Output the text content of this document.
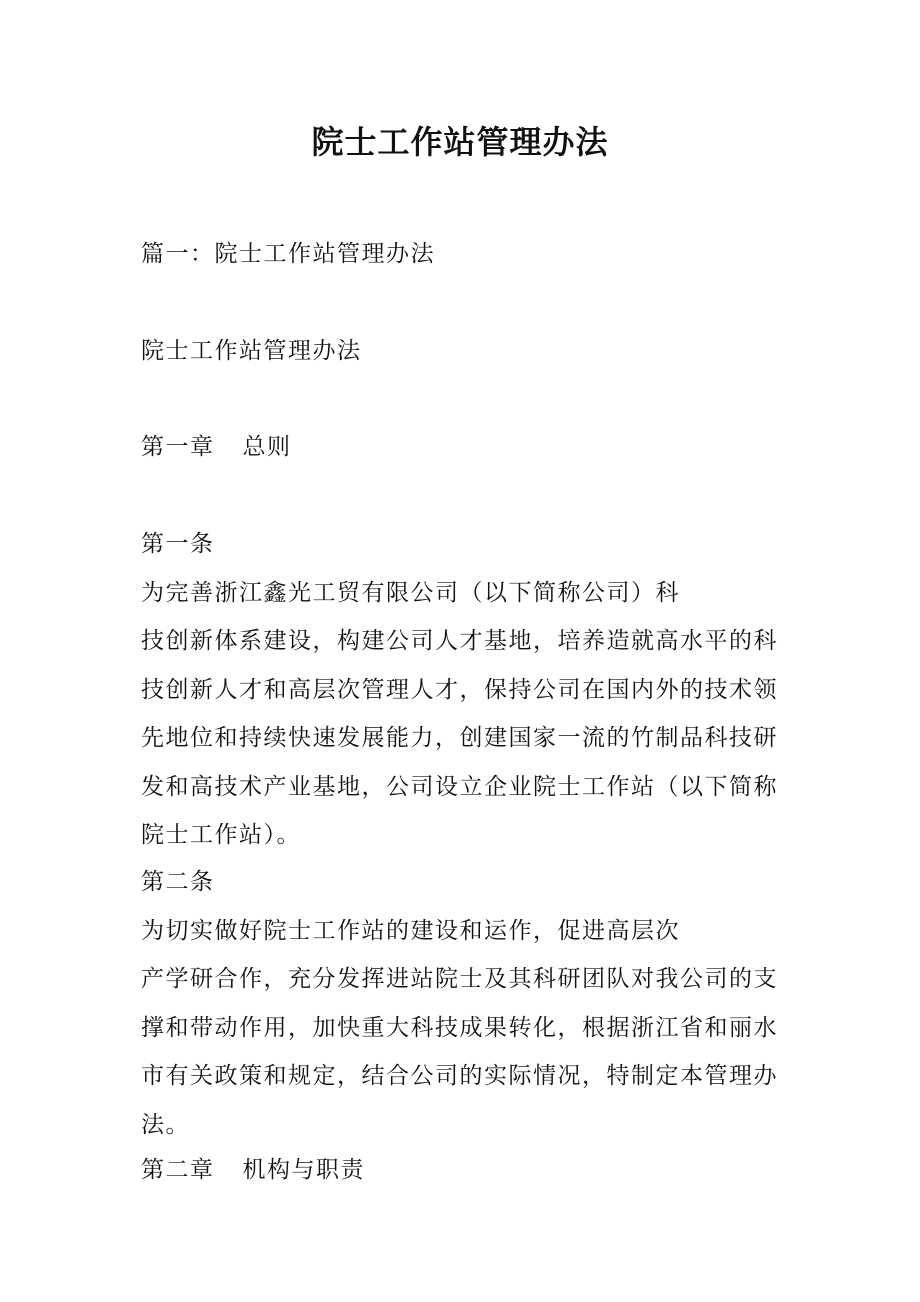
院士工作站管理办法

篇一：院士工作站管理办法

院士工作站管理办法

第一章 总则

第一条
为完善浙江鑫光工贸有限公司（以下简称公司）科
技创新体系建设，构建公司人才基地，培养造就高水平的科
技创新人才和高层次管理人才，保持公司在国内外的技术领
先地位和持续快速发展能力，创建国家一流的竹制品科技研
发和高技术产业基地，公司设立企业院士工作站（以下简称
院士工作站）。
第二条
为切实做好院士工作站的建设和运作，促进高层次
产学研合作，充分发挥进站院士及其科研团队对我公司的支
撑和带动作用，加快重大科技成果转化，根据浙江省和丽水
市有关政策和规定，结合公司的实际情况，特制定本管理办
法。

第二章 机构与职责
